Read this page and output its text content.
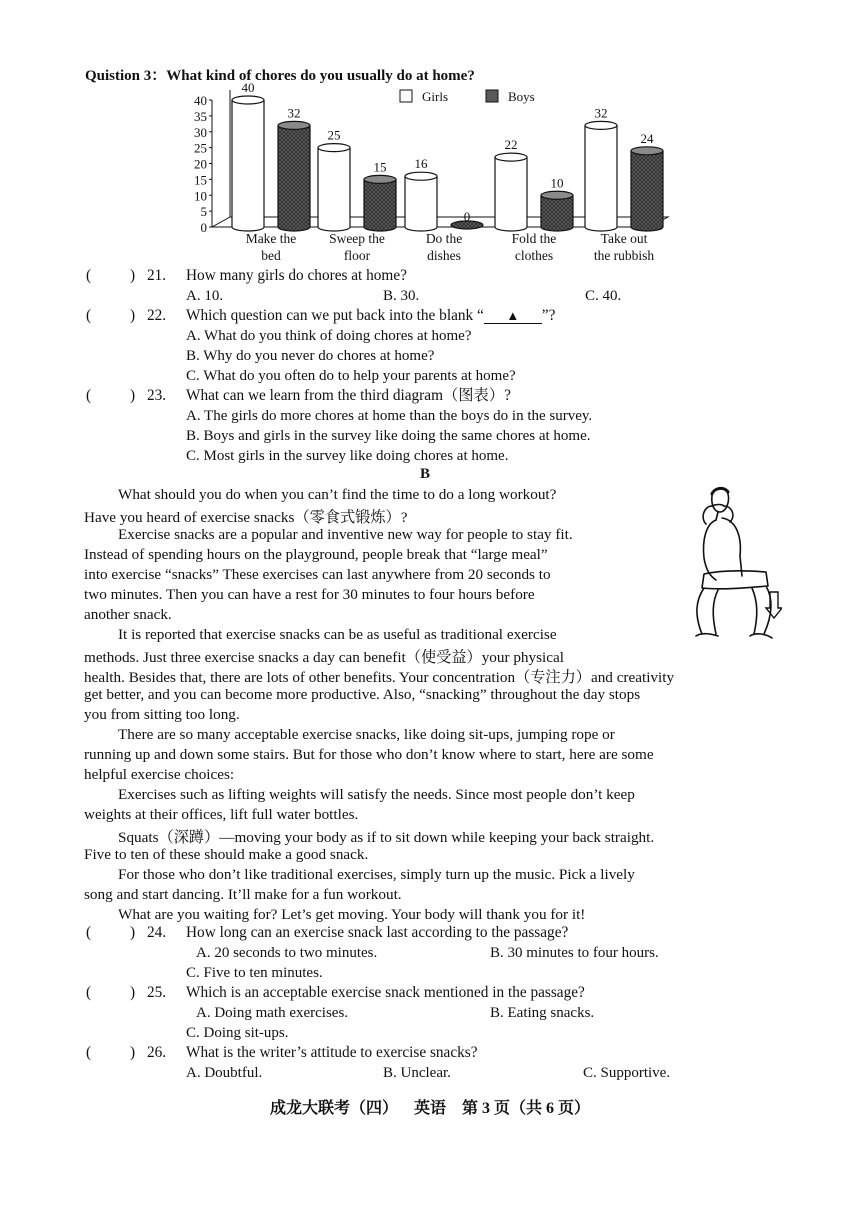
Quistion 3：What kind of chores do you usually do at home?
0
5
10
15
20
25
30
35
40	Girls	Boys
40
32
Make the
bed
25
15
Sweep the
floor
16
0
Do the
dishes
22
10
Fold the
clothes
32
24
Take out
the rubbish
(	) 21. How many girls do chores at home?
A. 10.	B. 30.	C. 40.
(	) 22. Which question can we put back into the blank “ ▲ ”?
A. What do you think of doing chores at home?
B. Why do you never do chores at home?
C. What do you often do to help your parents at home?
(	) 23. What can we learn from the third diagram（图表）?
A. The girls do more chores at home than the boys do in the survey.
B. Boys and girls in the survey like doing the same chores at home.
C. Most girls in the survey like doing chores at home.
B
What should you do when you can’t find the time to do a long workout?
Have you heard of exercise snacks（零食式锻炼）?
Exercise snacks are a popular and inventive new way for people to stay fit.
Instead of spending hours on the playground, people break that “large meal”
into exercise “snacks” These exercises can last anywhere from 20 seconds to
two minutes. Then you can have a rest for 30 minutes to four hours before
another snack.
It is reported that exercise snacks can be as useful as traditional exercise
methods. Just three exercise snacks a day can benefit（使受益）your physical
health. Besides that, there are lots of other benefits. Your concentration（专注力）and creativity
get better, and you can become more productive. Also, “snacking” throughout the day stops
you from sitting too long.
There are so many acceptable exercise snacks, like doing sit-ups, jumping rope or
running up and down some stairs. But for those who don’t know where to start, here are some
helpful exercise choices:
Exercises such as lifting weights will satisfy the needs. Since most people don’t keep
weights at their offices, lift full water bottles.
Squats（深蹲）—moving your body as if to sit down while keeping your back straight.
Five to ten of these should make a good snack.
For those who don’t like traditional exercises, simply turn up the music. Pick a lively
song and start dancing. It’ll make for a fun workout.
What are you waiting for? Let’s get moving. Your body will thank you for it!
(	) 24. How long can an exercise snack last according to the passage?
A. 20 seconds to two minutes.	B. 30 minutes to four hours.
C. Five to ten minutes.
(	) 25. Which is an acceptable exercise snack mentioned in the passage?
A. Doing math exercises.	B. Eating snacks.
C. Doing sit-ups.
(	) 26. What is the writer’s attitude to exercise snacks?
A. Doubtful.	B. Unclear.	C. Supportive.
成龙大联考（四） 英语 第 3 页（共 6 页）
